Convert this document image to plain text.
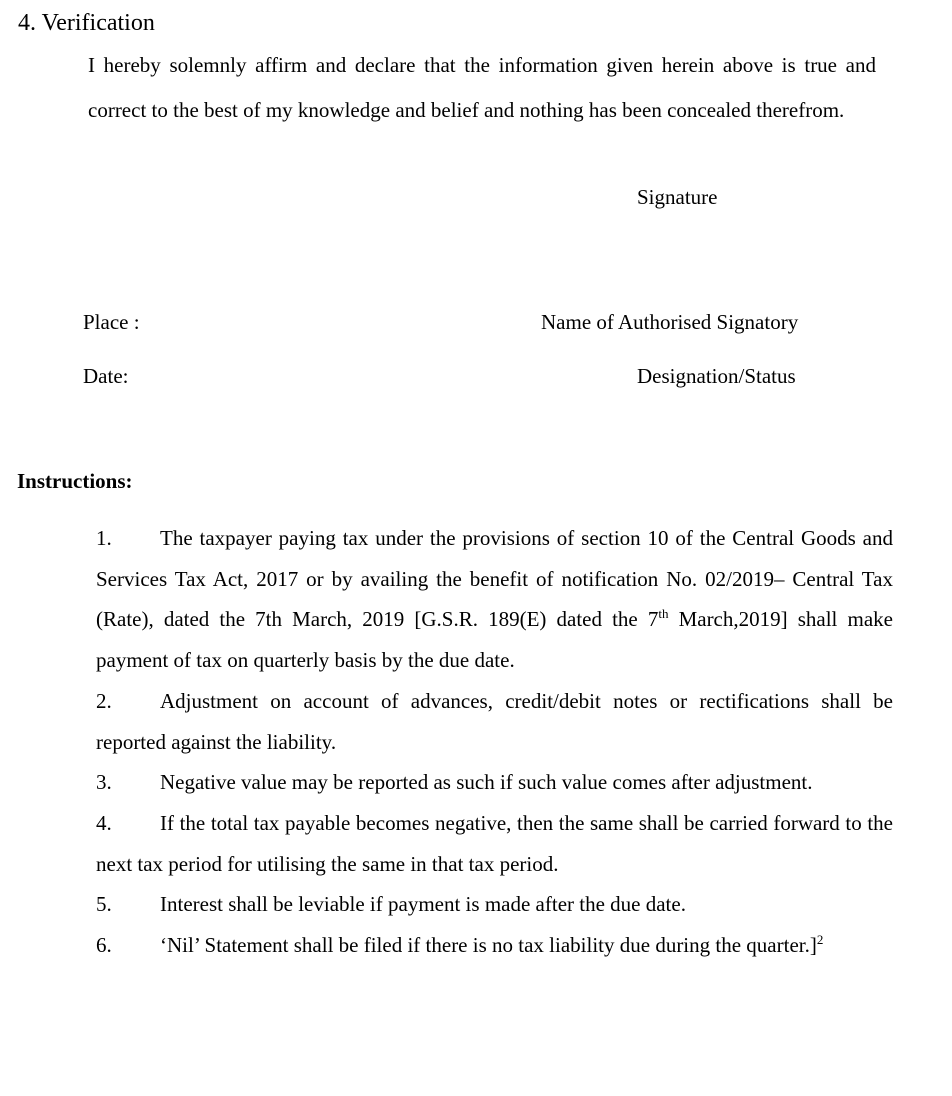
4. Verification

I hereby solemnly affirm and declare that the information given herein above is true and correct to the best of my knowledge and belief and nothing has been concealed therefrom.

Signature
Place :	Name of Authorised Signatory
Date:	Designation/Status
Instructions:

1. The taxpayer paying tax under the provisions of section 10 of the Central Goods and Services Tax Act, 2017 or by availing the benefit of notification No. 02/2019– Central Tax (Rate), dated the 7th March, 2019 [G.S.R. 189(E) dated the 7th March,2019] shall make payment of tax on quarterly basis by the due date.

2. Adjustment on account of advances, credit/debit notes or rectifications shall be reported against the liability.

3. Negative value may be reported as such if such value comes after adjustment.

4. If the total tax payable becomes negative, then the same shall be carried forward to the next tax period for utilising the same in that tax period.

5. Interest shall be leviable if payment is made after the due date.

6. ‘Nil’ Statement shall be filed if there is no tax liability due during the quarter.]$^2$
